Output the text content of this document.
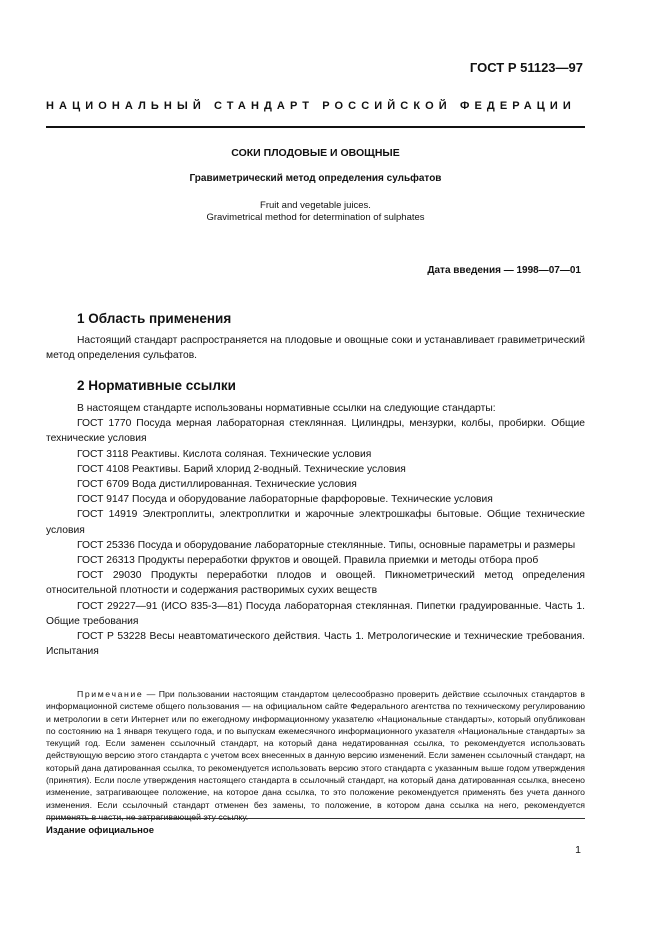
ГОСТ Р 51123—97
НАЦИОНАЛЬНЫЙ СТАНДАРТ РОССИЙСКОЙ ФЕДЕРАЦИИ
СОКИ ПЛОДОВЫЕ И ОВОЩНЫЕ
Гравиметрический метод определения сульфатов
Fruit and vegetable juices.
Gravimetrical method for determination of sulphates
Дата введения — 1998—07—01
1 Область применения

Настоящий стандарт распространяется на плодовые и овощные соки и устанавливает гравиметрический метод определения сульфатов.

2 Нормативные ссылки

В настоящем стандарте использованы нормативные ссылки на следующие стандарты:

ГОСТ 1770 Посуда мерная лабораторная стеклянная. Цилиндры, мензурки, колбы, пробирки. Общие технические условия

ГОСТ 3118 Реактивы. Кислота соляная. Технические условия

ГОСТ 4108 Реактивы. Барий хлорид 2-водный. Технические условия

ГОСТ 6709 Вода дистиллированная. Технические условия

ГОСТ 9147 Посуда и оборудование лабораторные фарфоровые. Технические условия

ГОСТ 14919 Электроплиты, электроплитки и жарочные электрошкафы бытовые. Общие технические условия

ГОСТ 25336 Посуда и оборудование лабораторные стеклянные. Типы, основные параметры и размеры

ГОСТ 26313 Продукты переработки фруктов и овощей. Правила приемки и методы отбора проб

ГОСТ 29030 Продукты переработки плодов и овощей. Пикнометрический метод определения относительной плотности и содержания растворимых сухих веществ

ГОСТ 29227—91 (ИСО 835-3—81) Посуда лабораторная стеклянная. Пипетки градуированные. Часть 1. Общие требования

ГОСТ Р 53228 Весы неавтоматического действия. Часть 1. Метрологические и технические требования. Испытания

Примечание — При пользовании настоящим стандартом целесообразно проверить действие ссылочных стандартов в информационной системе общего пользования — на официальном сайте Федерального агентства по техническому регулированию и метрологии в сети Интернет или по ежегодному информационному указателю «Национальные стандарты», который опубликован по состоянию на 1 января текущего года, и по выпускам ежемесячного информационного указателя «Национальные стандарты» за текущий год. Если заменен ссылочный стандарт, на который дана недатированная ссылка, то рекомендуется использовать действующую версию этого стандарта с учетом всех внесенных в данную версию изменений. Если заменен ссылочный стандарт, на который дана датированная ссылка, то рекомендуется использовать версию этого стандарта с указанным выше годом утверждения (принятия). Если после утверждения настоящего стандарта в ссылочный стандарт, на который дана датированная ссылка, внесено изменение, затрагивающее положение, на которое дана ссылка, то это положение рекомендуется применять без учета данного изменения. Если ссылочный стандарт отменен без замены, то положение, в котором дана ссылка на него, рекомендуется применять в части, не затрагивающей эту ссылку.
Издание официальное
1
